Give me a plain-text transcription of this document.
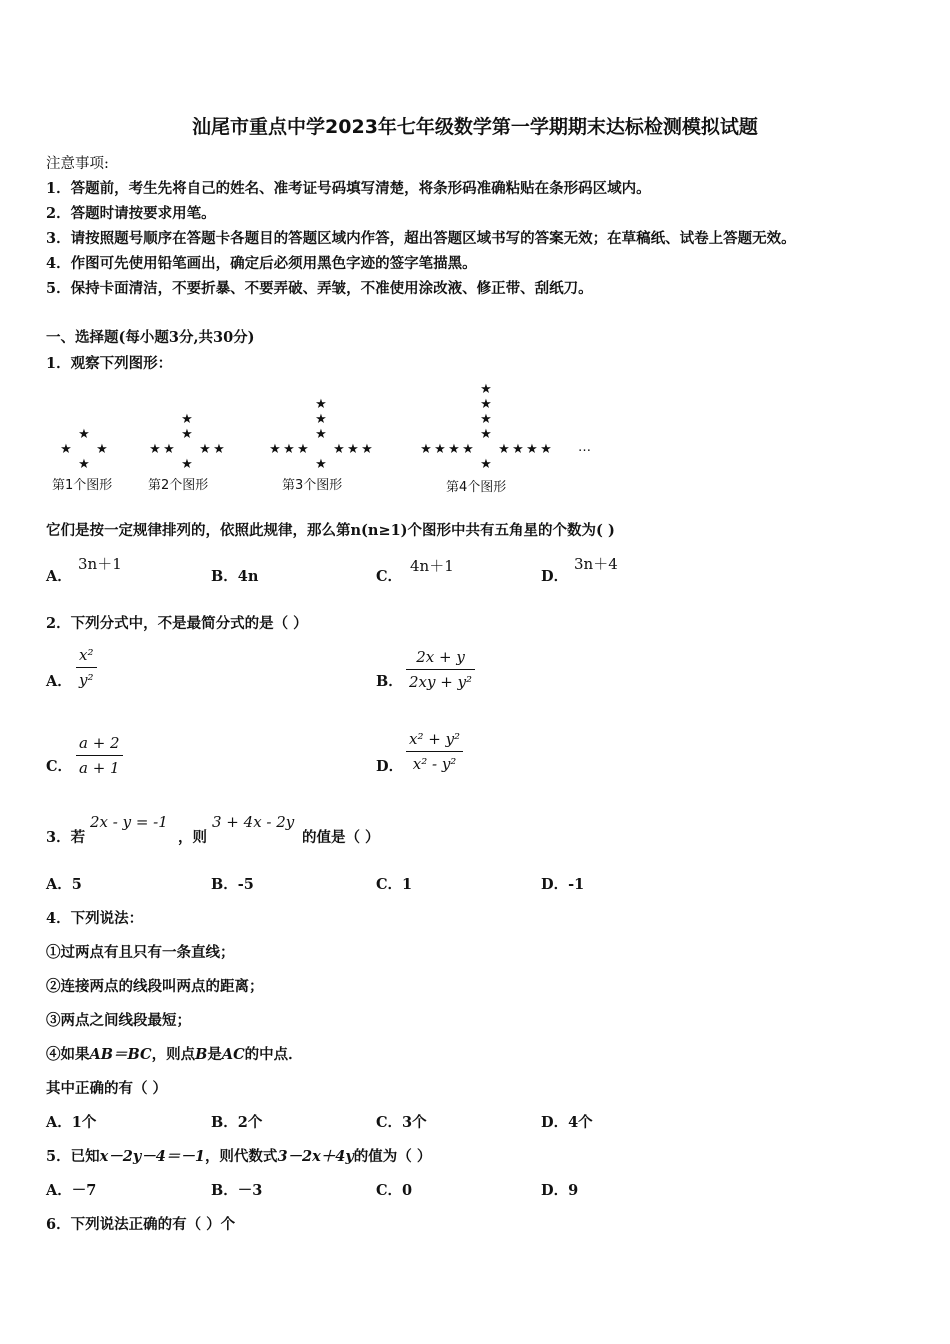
汕尾市重点中学2023年七年级数学第一学期期末达标检测模拟试题
注意事项:
1．答题前，考生先将自己的姓名、准考证号码填写清楚，将条形码准确粘贴在条形码区域内。
2．答题时请按要求用笔。
3．请按照题号顺序在答题卡各题目的答题区域内作答，超出答题区域书写的答案无效；在草稿纸、试卷上答题无效。
4．作图可先使用铅笔画出，确定后必须用黑色字迹的签字笔描黑。
5．保持卡面清洁，不要折暴、不要弄破、弄皱，不准使用涂改液、修正带、刮纸刀。
一、选择题(每小题3分,共30分)
1．观察下列图形：
★ ★
★
★
★ ★
★
★	★
★
★
★ ★
★
★	★
★
★	★
★
★
★ ★
★
★	★
★
★	★
★
★	★
★
★
第1个图形	第2个图形	第3个图形	第4个图形
…
它们是按一定规律排列的，依照此规律，那么第n(n≥1)个图形中共有五角星的个数为( )
A．
3n＋1
B．4n	C．
4n＋1
D．
3n＋4
2．下列分式中，不是最简分式的是（ ）
A． $\frac{\text{x²}}{\text{y²}}$	B． $\frac{2x + y}{\text{2xy + y²}}$
C． $\frac{a + 2}{a + 1}$	D． $\frac{\text{x² + y²}}{\text{x² - y²}}$
3．若
2x - y = -1
，则
3 + 4x - 2y
的值是（ ）
A．5	B．-5	C．1	D．-1
4．下列说法：
①过两点有且只有一条直线；
②连接两点的线段叫两点的距离；
③两点之间线段最短；
④如果AB＝BC，则点B是AC的中点．
其中正确的有（ ）
A．1个	B．2个	C．3个	D．4个
5．已知x－2y－4＝－1，则代数式3－2x＋4y的值为（ ）
A．－7	B．－3	C．0	D．9
6．下列说法正确的有（ ）个
